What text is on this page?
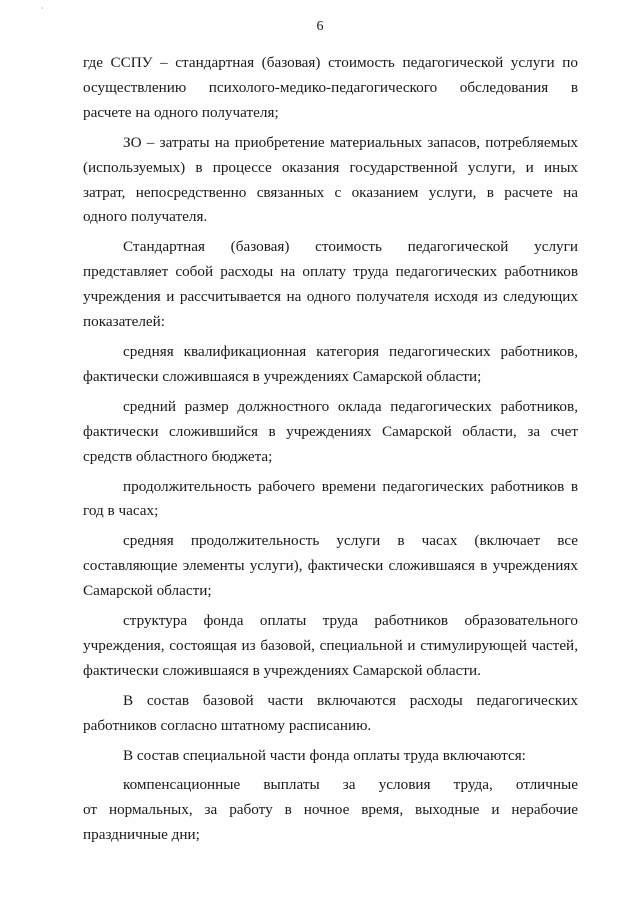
·
6
где ССПУ – стандартная (базовая) стоимость педагогической услуги по
осуществлению психолого-медико-педагогического обследования в
расчете на одного получателя;
ЗО – затраты на приобретение материальных запасов, потребляемых
(используемых) в процессе оказания государственной услуги, и иных
затрат, непосредственно связанных с оказанием услуги, в расчете на
одного получателя.
Стандартная (базовая) стоимость педагогической услуги
представляет собой расходы на оплату труда педагогических работников
учреждения и рассчитывается на одного получателя исходя из следующих
показателей:
средняя квалификационная категория педагогических работников,
фактически сложившаяся в учреждениях Самарской области;
средний размер должностного оклада педагогических работников,
фактически сложившийся в учреждениях Самарской области, за счет
средств областного бюджета;
продолжительность рабочего времени педагогических работников в
год в часах;
средняя продолжительность услуги в часах (включает все
составляющие элементы услуги), фактически сложившаяся в учреждениях
Самарской области;
структура фонда оплаты труда работников образовательного
учреждения, состоящая из базовой, специальной и стимулирующей частей,
фактически сложившаяся в учреждениях Самарской области.
В состав базовой части включаются расходы педагогических
работников согласно штатному расписанию.
В состав специальной части фонда оплаты труда включаются:
компенсационные выплаты за условия труда, отличные
от нормальных, за работу в ночное время, выходные и нерабочие
праздничные дни;
